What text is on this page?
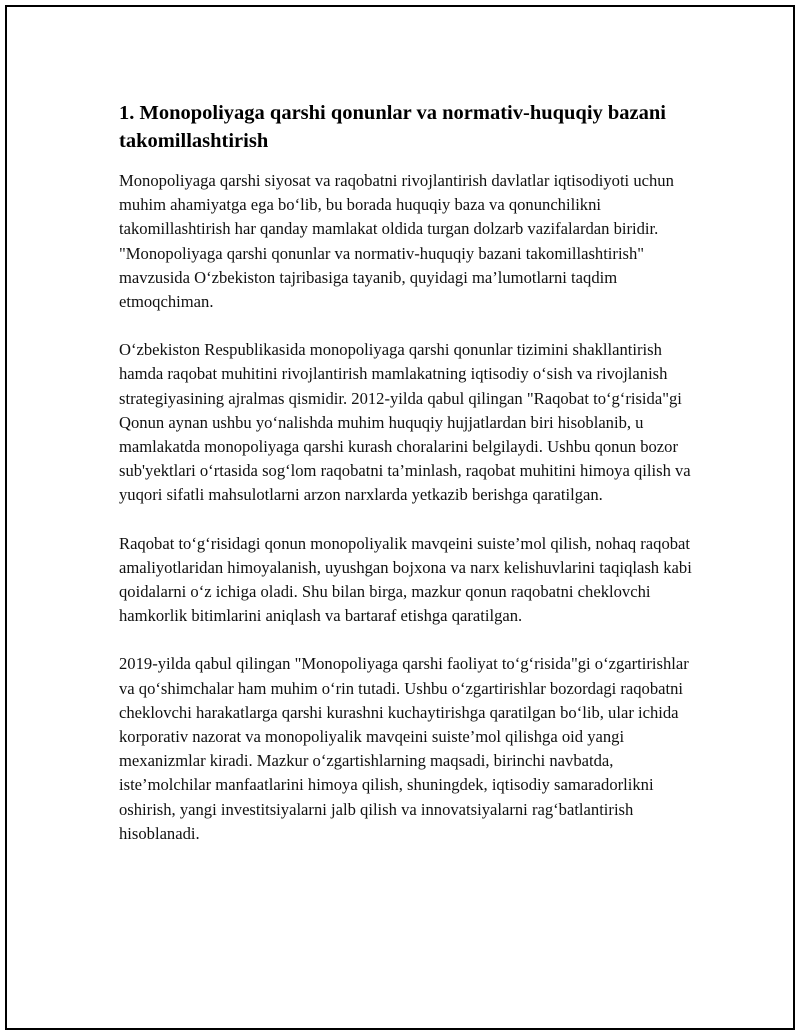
1. Monopoliyaga qarshi qonunlar va normativ-huquqiy bazani takomillashtirish

Monopoliyaga qarshi siyosat va raqobatni rivojlantirish davlatlar iqtisodiyoti uchun muhim ahamiyatga ega bo‘lib, bu borada huquqiy baza va qonunchilikni takomillashtirish har qanday mamlakat oldida turgan dolzarb vazifalardan biridir. "Monopoliyaga qarshi qonunlar va normativ-huquqiy bazani takomillashtirish" mavzusida O‘zbekiston tajribasiga tayanib, quyidagi ma’lumotlarni taqdim etmoqchiman.

O‘zbekiston Respublikasida monopoliyaga qarshi qonunlar tizimini shakllantirish hamda raqobat muhitini rivojlantirish mamlakatning iqtisodiy o‘sish va rivojlanish strategiyasining ajralmas qismidir. 2012-yilda qabul qilingan "Raqobat to‘g‘risida"gi Qonun aynan ushbu yo‘nalishda muhim huquqiy hujjatlardan biri hisoblanib, u mamlakatda monopoliyaga qarshi kurash choralarini belgilaydi. Ushbu qonun bozor sub'yektlari o‘rtasida sog‘lom raqobatni ta’minlash, raqobat muhitini himoya qilish va yuqori sifatli mahsulotlarni arzon narxlarda yetkazib berishga qaratilgan.

Raqobat to‘g‘risidagi qonun monopoliyalik mavqeini suiste’mol qilish, nohaq raqobat amaliyotlaridan himoyalanish, uyushgan bojxona va narx kelishuvlarini taqiqlash kabi qoidalarni o‘z ichiga oladi. Shu bilan birga, mazkur qonun raqobatni cheklovchi hamkorlik bitimlarini aniqlash va bartaraf etishga qaratilgan.

2019-yilda qabul qilingan "Monopoliyaga qarshi faoliyat to‘g‘risida"gi o‘zgartirishlar va qo‘shimchalar ham muhim o‘rin tutadi. Ushbu o‘zgartirishlar bozordagi raqobatni cheklovchi harakatlarga qarshi kurashni kuchaytirishga qaratilgan bo‘lib, ular ichida korporativ nazorat va monopoliyalik mavqeini suiste’mol qilishga oid yangi mexanizmlar kiradi. Mazkur o‘zgartishlarning maqsadi, birinchi navbatda, iste’molchilar manfaatlarini himoya qilish, shuningdek, iqtisodiy samaradorlikni oshirish, yangi investitsiyalarni jalb qilish va innovatsiyalarni rag‘batlantirish hisoblanadi.
